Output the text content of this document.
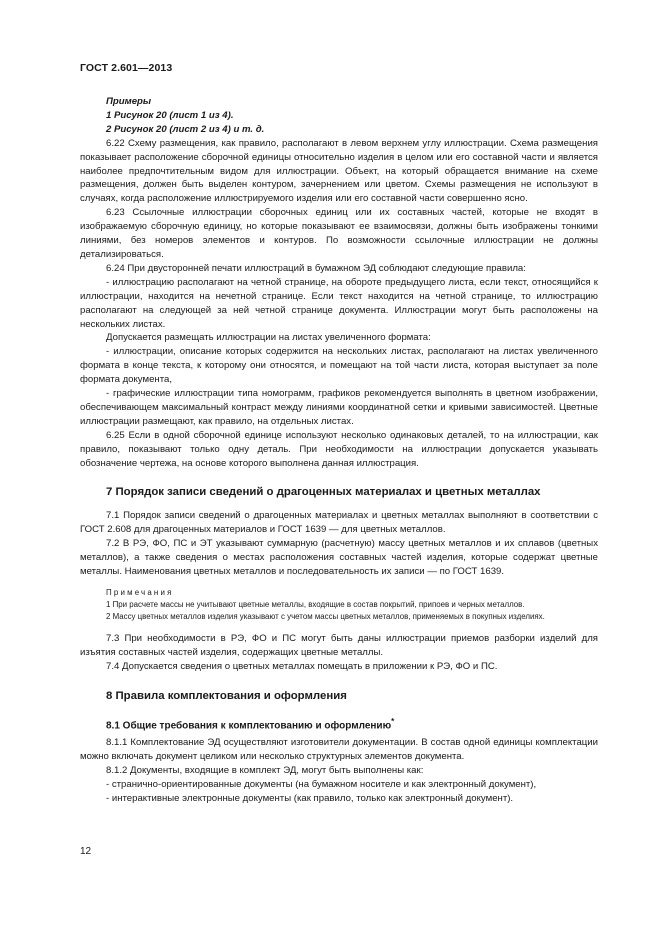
ГОСТ 2.601—2013

Примеры

1 Рисунок 20 (лист 1 из 4).

2 Рисунок 20 (лист 2 из 4) и т. д.

6.22 Схему размещения, как правило, располагают в левом верхнем углу иллюстрации. Схема размещения показывает расположение сборочной единицы относительно изделия в целом или его составной части и является наиболее предпочтительным видом для иллюстрации. Объект, на который обращается внимание на схеме размещения, должен быть выделен контуром, зачернением или цветом. Схемы размещения не используют в случаях, когда расположение иллюстрируемого изделия или его составной части совершенно ясно.

6.23 Ссылочные иллюстрации сборочных единиц или их составных частей, которые не входят в изображаемую сборочную единицу, но которые показывают ее взаимосвязи, должны быть изображены тонкими линиями, без номеров элементов и контуров. По возможности ссылочные иллюстрации не должны детализироваться.

6.24 При двусторонней печати иллюстраций в бумажном ЭД соблюдают следующие правила:

- иллюстрацию располагают на четной странице, на обороте предыдущего листа, если текст, относящийся к иллюстрации, находится на нечетной странице. Если текст находится на четной странице, то иллюстрацию располагают на следующей за ней четной странице документа. Иллюстрации могут быть расположены на нескольких листах.

Допускается размещать иллюстрации на листах увеличенного формата:

- иллюстрации, описание которых содержится на нескольких листах, располагают на листах увеличенного формата в конце текста, к которому они относятся, и помещают на той части листа, которая выступает за поле формата документа,

- графические иллюстрации типа номограмм, графиков рекомендуется выполнять в цветном изображении, обеспечивающем максимальный контраст между линиями координатной сетки и кривыми зависимостей. Цветные иллюстрации размещают, как правило, на отдельных листах.

6.25 Если в одной сборочной единице используют несколько одинаковых деталей, то на иллюстрации, как правило, показывают только одну деталь. При необходимости на иллюстрации допускается указывать обозначение чертежа, на основе которого выполнена данная иллюстрация.

7 Порядок записи сведений о драгоценных материалах и цветных металлах

7.1 Порядок записи сведений о драгоценных материалах и цветных металлах выполняют в соответствии с ГОСТ 2.608 для драгоценных материалов и ГОСТ 1639 — для цветных металлов.

7.2 В РЭ, ФО, ПС и ЭТ указывают суммарную (расчетную) массу цветных металлов и их сплавов (цветных металлов), а также сведения о местах расположения составных частей изделия, которые содержат цветные металлы. Наименования цветных металлов и последовательность их записи — по ГОСТ 1639.

Примечания

1 При расчете массы не учитывают цветные металлы, входящие в состав покрытий, припоев и черных металлов.

2 Массу цветных металлов изделия указывают с учетом массы цветных металлов, применяемых в покупных изделиях.

7.3 При необходимости в РЭ, ФО и ПС могут быть даны иллюстрации приемов разборки изделий для изъятия составных частей изделия, содержащих цветные металлы.

7.4 Допускается сведения о цветных металлах помещать в приложении к РЭ, ФО и ПС.

8 Правила комплектования и оформления
8.1 Общие требования к комплектованию и оформлению*

8.1.1 Комплектование ЭД осуществляют изготовители документации. В состав одной единицы комплектации можно включать документ целиком или несколько структурных элементов документа.

8.1.2 Документы, входящие в комплект ЭД, могут быть выполнены как:

- странично-ориентированные документы (на бумажном носителе и как электронный документ),

- интерактивные электронные документы (как правило, только как электронный документ).

12
